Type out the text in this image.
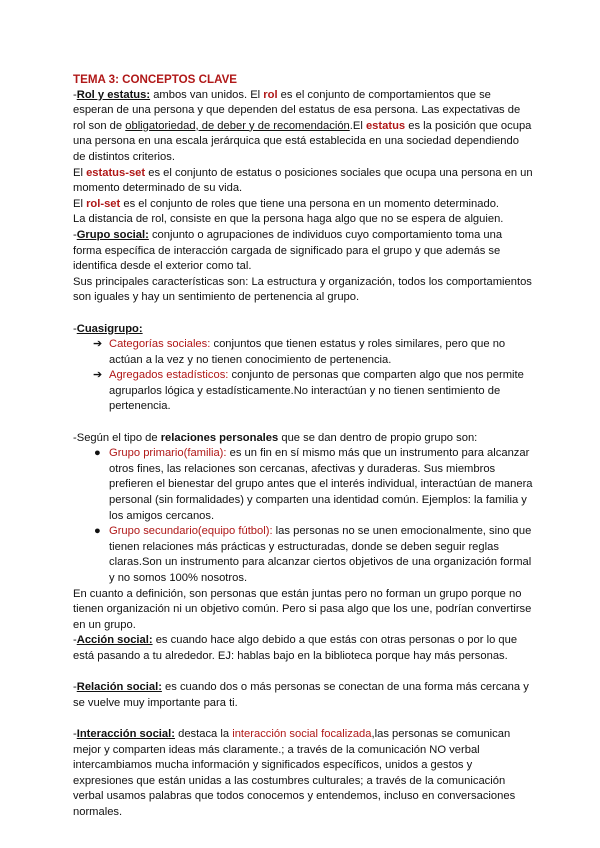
TEMA 3: CONCEPTOS CLAVE

-Rol y estatus: ambos van unidos. El rol es el conjunto de comportamientos que se esperan de una persona y que dependen del estatus de esa persona. Las expectativas de rol son de obligatoriedad, de deber y de recomendación.El estatus es la posición que ocupa una persona en una escala jerárquica que está establecida en una sociedad dependiendo de distintos criterios.

El estatus-set es el conjunto de estatus o posiciones sociales que ocupa una persona en un momento determinado de su vida.

El rol-set es el conjunto de roles que tiene una persona en un momento determinado.

La distancia de rol, consiste en que la persona haga algo que no se espera de alguien.

-Grupo social: conjunto o agrupaciones de individuos cuyo comportamiento toma una forma específica de interacción cargada de significado para el grupo y que además se identifica desde el exterior como tal.

Sus principales características son: La estructura y organización, todos los comportamientos son iguales y hay un sentimiento de pertenencia al grupo.

-Cuasigrupo:

➔ Categorías sociales: conjuntos que tienen estatus y roles similares, pero que no actúan a la vez y no tienen conocimiento de pertenencia.
➔ Agregados estadísticos: conjunto de personas que comparten algo que nos permite agruparlos lógica y estadísticamente.No interactúan y no tienen sentimiento de pertenencia.

-Según el tipo de relaciones personales que se dan dentro de propio grupo son:

● Grupo primario(familia): es un fin en sí mismo más que un instrumento para alcanzar otros fines, las relaciones son cercanas, afectivas y duraderas. Sus miembros prefieren el bienestar del grupo antes que el interés individual, interactúan de manera personal (sin formalidades) y comparten una identidad común. Ejemplos: la familia y los amigos cercanos.
● Grupo secundario(equipo fútbol): las personas no se unen emocionalmente, sino que tienen relaciones más prácticas y estructuradas, donde se deben seguir reglas claras.Son un instrumento para alcanzar ciertos objetivos de una organización formal y no somos 100% nosotros.

En cuanto a definición, son personas que están juntas pero no forman un grupo porque no tienen organización ni un objetivo común. Pero si pasa algo que los une, podrían convertirse en un grupo.

-Acción social: es cuando hace algo debido a que estás con otras personas o por lo que está pasando a tu alrededor. EJ: hablas bajo en la biblioteca porque hay más personas.

-Relación social: es cuando dos o más personas se conectan de una forma más cercana y se vuelve muy importante para ti.

-Interacción social: destaca la interacción social focalizada,las personas se comunican mejor y comparten ideas más claramente.; a través de la comunicación NO verbal intercambiamos mucha información y significados específicos, unidos a gestos y expresiones que están unidas a las costumbres culturales; a través de la comunicación verbal usamos palabras que todos conocemos y entendemos, incluso en conversaciones normales.
